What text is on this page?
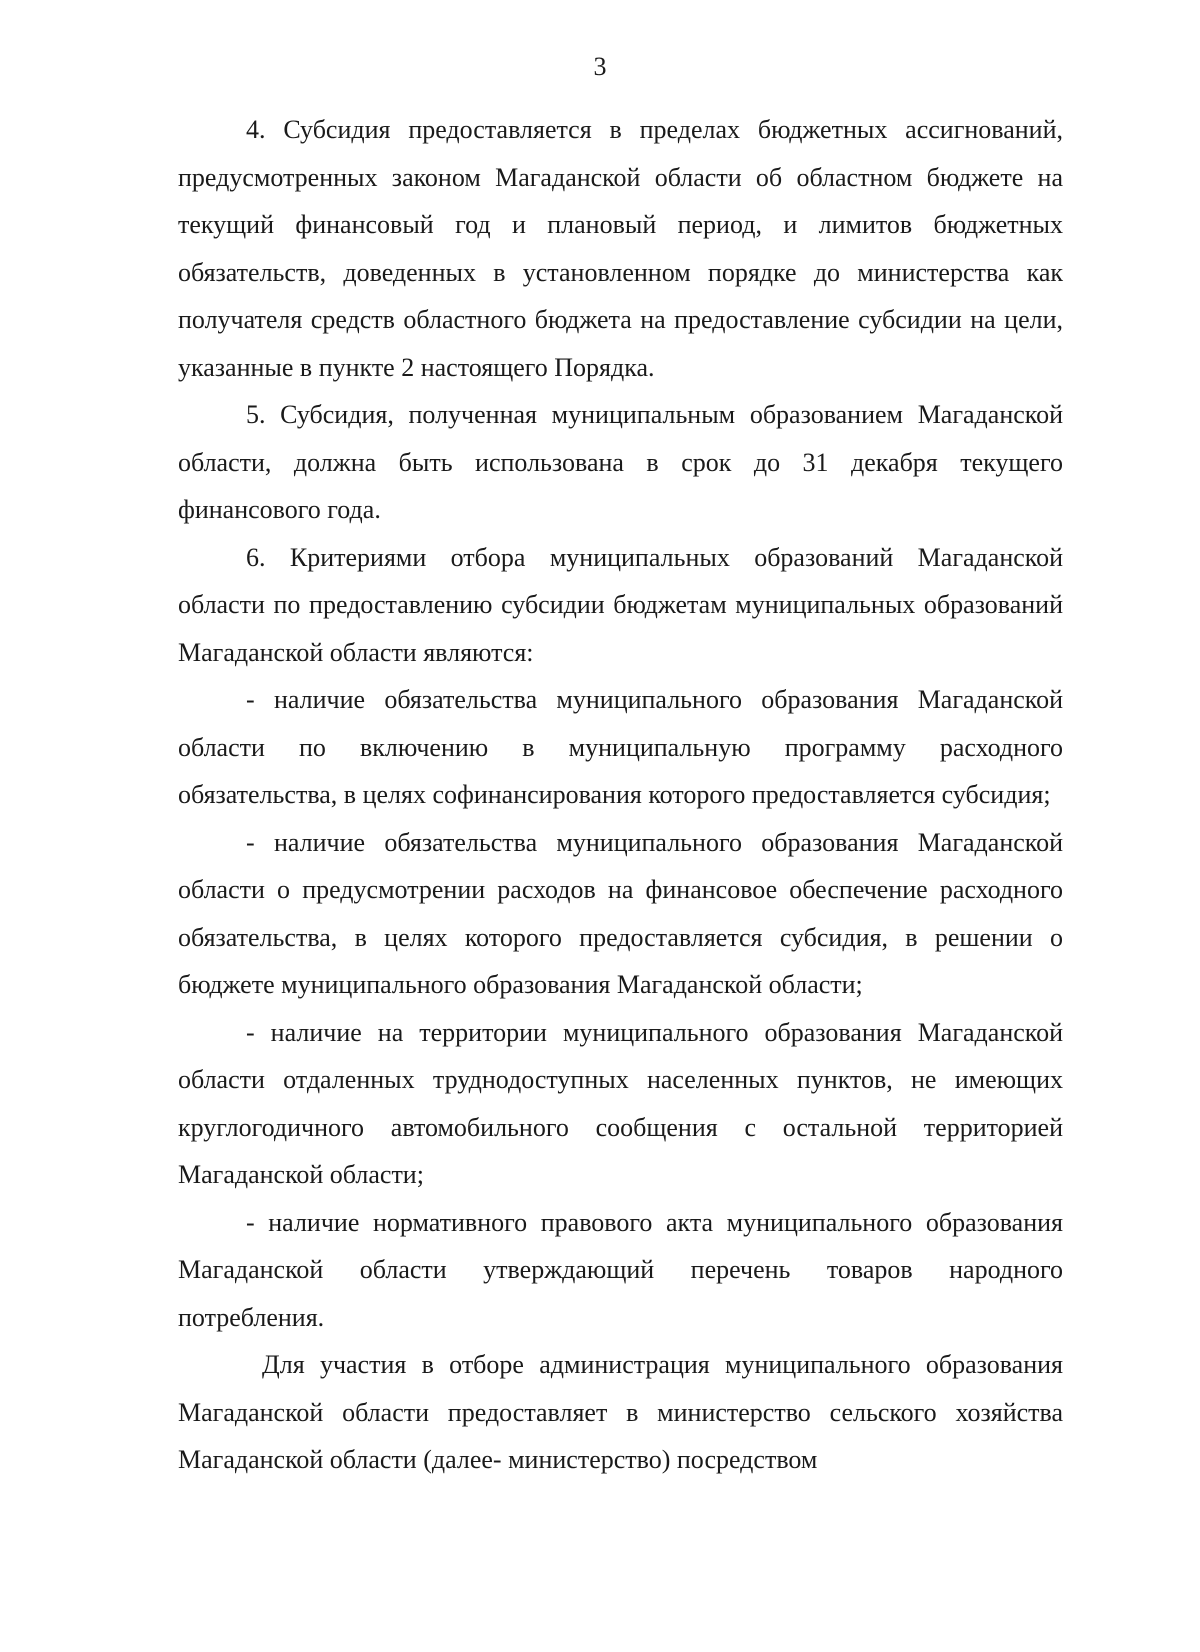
3

4. Субсидия предоставляется в пределах бюджетных ассигнований, предусмотренных законом Магаданской области об областном бюджете на текущий финансовый год и плановый период, и лимитов бюджетных обязательств, доведенных в установленном порядке до министерства как получателя средств областного бюджета на предоставление субсидии на цели, указанные в пункте 2 настоящего Порядка.

5. Субсидия, полученная муниципальным образованием Магаданской области, должна быть использована в срок до 31 декабря текущего финансового года.

6. Критериями отбора муниципальных образований Магаданской области по предоставлению субсидии бюджетам муниципальных образований Магаданской области являются:

- наличие обязательства муниципального образования Магаданской области по включению в муниципальную программу расходного обязательства, в целях софинансирования которого предоставляется субсидия;

- наличие обязательства муниципального образования Магаданской области о предусмотрении расходов на финансовое обеспечение расходного обязательства, в целях которого предоставляется субсидия, в решении о бюджете муниципального образования Магаданской области;

- наличие на территории муниципального образования Магаданской области отдаленных труднодоступных населенных пунктов, не имеющих круглогодичного автомобильного сообщения с остальной территорией Магаданской области;

- наличие нормативного правового акта муниципального образования Магаданской области утверждающий перечень товаров народного потребления.

Для участия в отборе администрация муниципального образования Магаданской области предоставляет в министерство сельского хозяйства Магаданской области (далее- министерство) посредством
